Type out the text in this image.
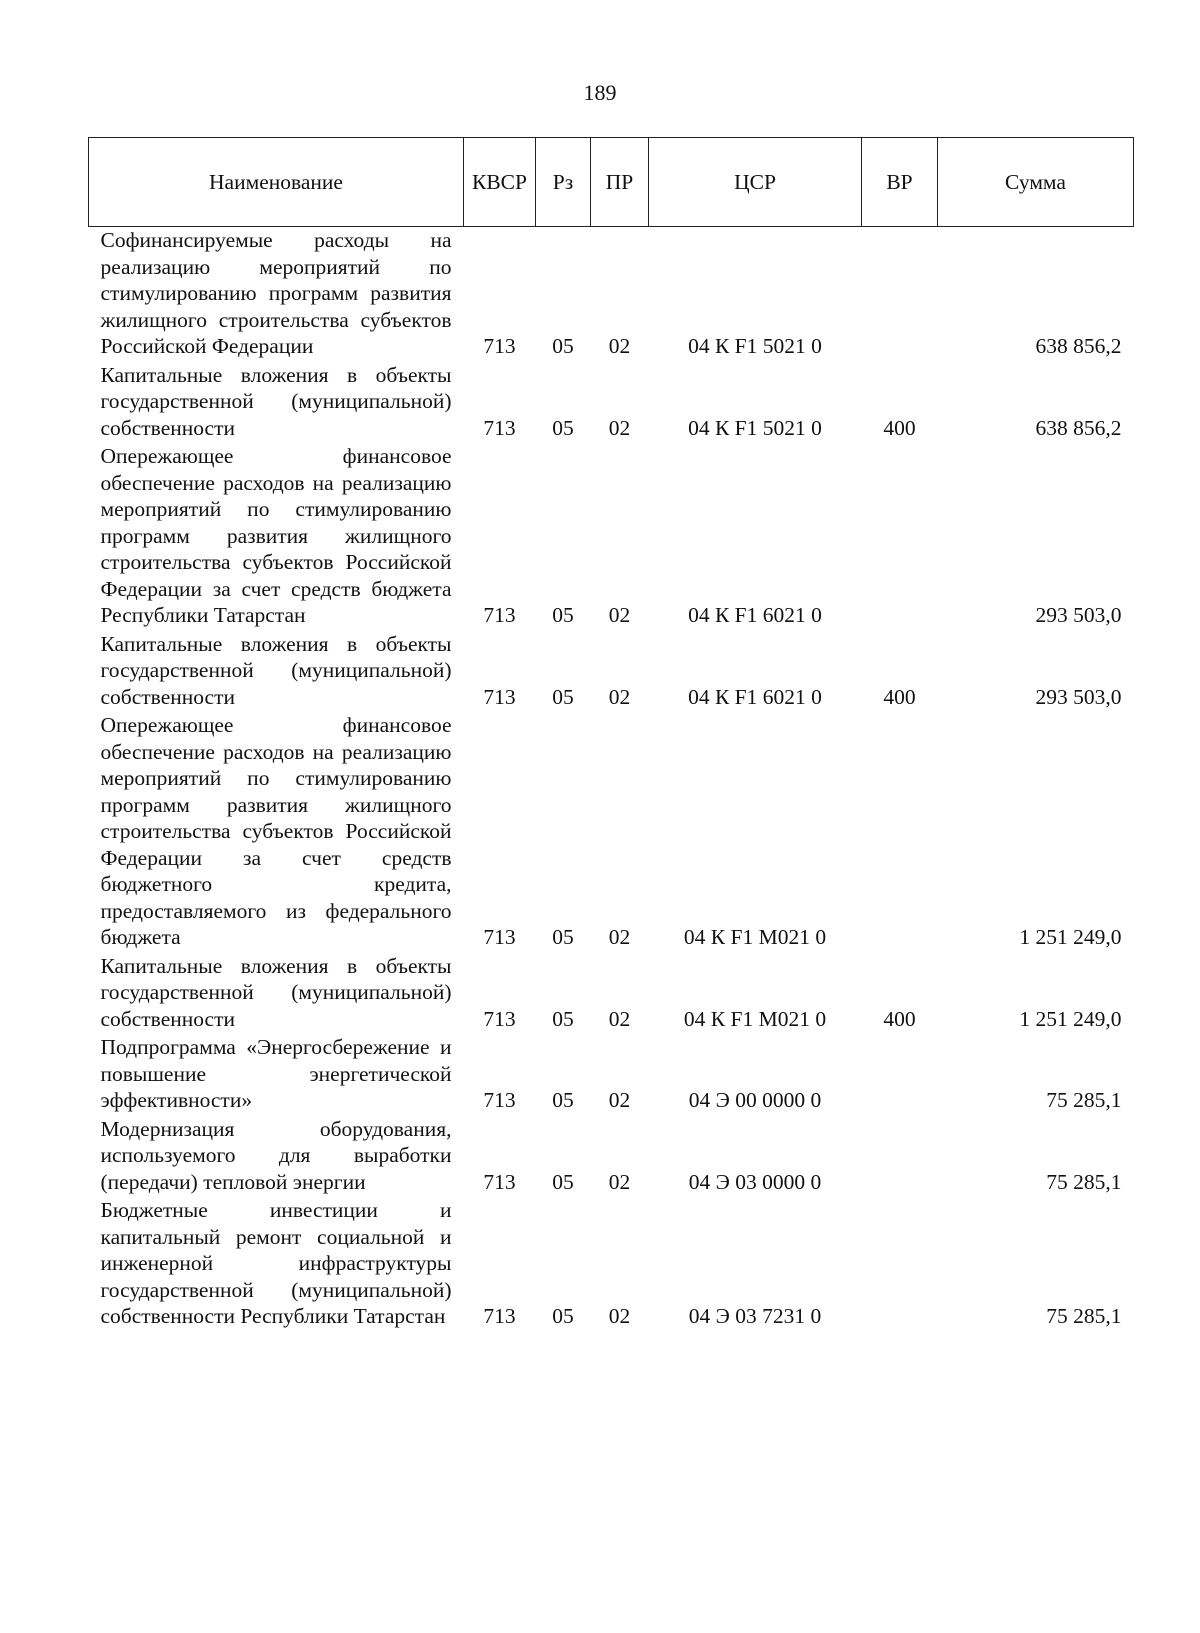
189
Наименование	КВСР	Рз	ПР	ЦСР	ВР	Сумма
Софинансируемые расходы на реализацию мероприятий по стимулированию программ развития жилищного строительства субъектов Российской Федерации	713	05	02	04 К F1 5021 0		638 856,2
Капитальные вложения в объекты государственной (муниципальной) собственности	713	05	02	04 К F1 5021 0	400	638 856,2
Опережающее финансовое обеспечение расходов на реализацию мероприятий по стимулированию программ развития жилищного строительства субъектов Российской Федерации за счет средств бюджета Республики Татарстан	713	05	02	04 К F1 6021 0		293 503,0
Капитальные вложения в объекты государственной (муниципальной) собственности	713	05	02	04 К F1 6021 0	400	293 503,0
Опережающее финансовое обеспечение расходов на реализацию мероприятий по стимулированию программ развития жилищного строительства субъектов Российской Федерации за счет средств бюджетного кредита, предоставляемого из федерального бюджета	713	05	02	04 К F1 М021 0		1 251 249,0
Капитальные вложения в объекты государственной (муниципальной) собственности	713	05	02	04 К F1 М021 0	400	1 251 249,0
Подпрограмма «Энергосбережение и повышение энергетической эффективности»	713	05	02	04 Э 00 0000 0		75 285,1
Модернизация оборудования, используемого для выработки (передачи) тепловой энергии	713	05	02	04 Э 03 0000 0		75 285,1
Бюджетные инвестиции и капитальный ремонт социальной и инженерной инфраструктуры государственной (муниципальной) собственности Республики Татарстан	713	05	02	04 Э 03 7231 0		75 285,1
